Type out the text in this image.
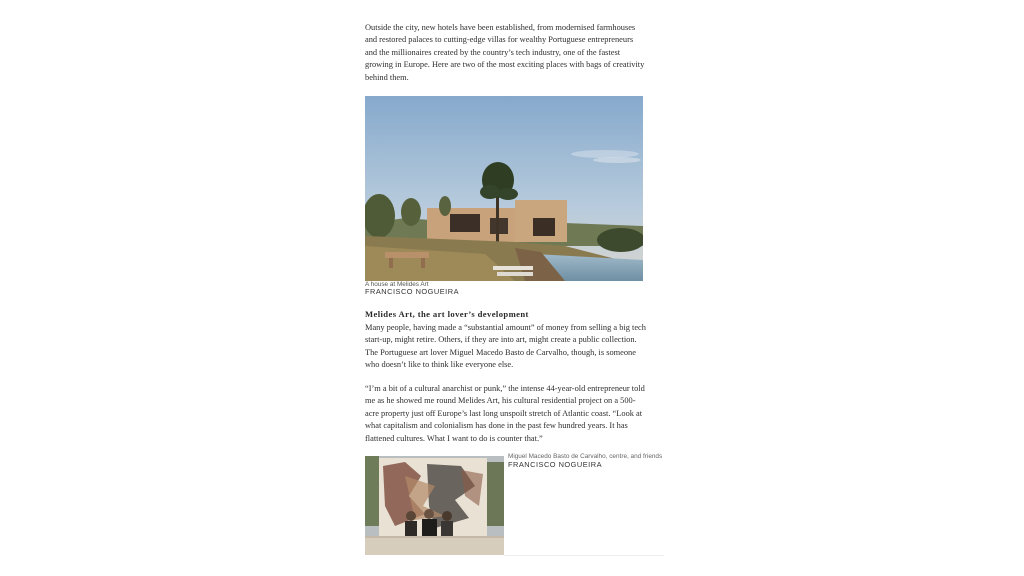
Outside the city, new hotels have been established, from modernised farmhouses and restored palaces to cutting-edge villas for wealthy Portuguese entrepreneurs and the millionaires created by the country’s tech industry, one of the fastest growing in Europe. Here are two of the most exciting places with bags of creativity behind them.

A house at Melides Art
FRANCISCO NOGUEIRA
Melides Art, the art lover’s development

Many people, having made a “substantial amount” of money from selling a big tech start-up, might retire. Others, if they are into art, might create a public collection. The Portuguese art lover Miguel Macedo Basto de Carvalho, though, is someone who doesn’t like to think like everyone else.

“I’m a bit of a cultural anarchist or punk,” the intense 44-year-old entrepreneur told me as he showed me round Melides Art, his cultural residential project on a 500-acre property just off Europe’s last long unspoilt stretch of Atlantic coast. “Look at what capitalism and colonialism has done in the past few hundred years. It has flattened cultures. What I want to do is counter that.”

Miguel Macedo Basto de Carvalho, centre, and friends
FRANCISCO NOGUEIRA
